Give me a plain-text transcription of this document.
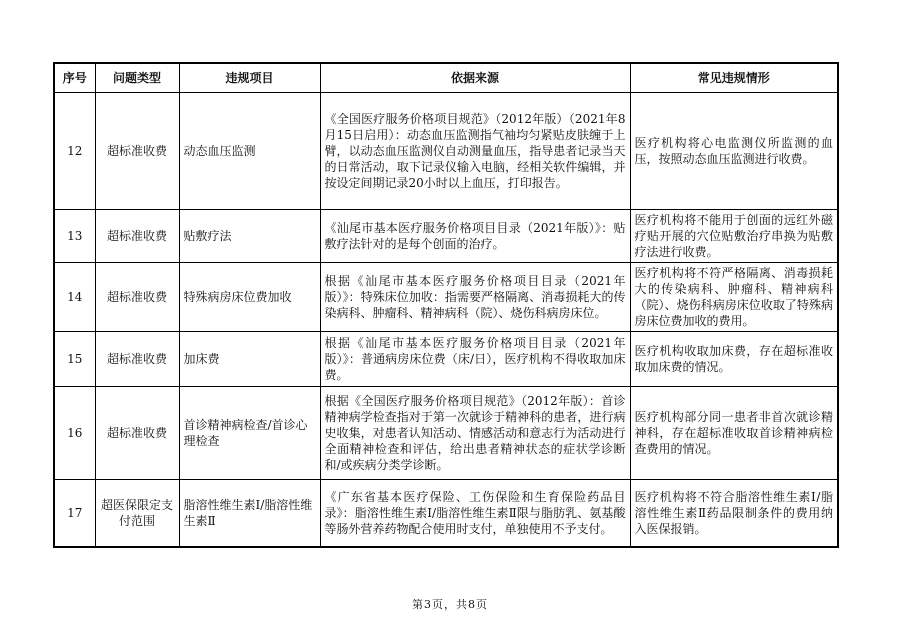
序号	问题类型	违规项目	依据来源	常见违规情形
12	超标准收费	动态血压监测	《全国医疗服务价格项目规范》（2012年版）（2021年8月15日启用）：动态血压监测指气袖均匀紧贴皮肤缠于上臂，以动态血压监测仪自动测量血压，指导患者记录当天的日常活动，取下记录仪输入电脑，经相关软件编辑，并按设定间期记录20小时以上血压，打印报告。	医疗机构将心电监测仪所监测的血压，按照动态血压监测进行收费。
13	超标准收费	贴敷疗法	《汕尾市基本医疗服务价格项目目录（2021年版）》：贴敷疗法针对的是每个创面的治疗。	医疗机构将不能用于创面的远红外磁疗贴开展的穴位贴敷治疗串换为贴敷疗法进行收费。
14	超标准收费	特殊病房床位费加收	根据《汕尾市基本医疗服务价格项目目录（2021年版）》：特殊床位加收：指需要严格隔离、消毒损耗大的传染病科、肿瘤科、精神病科（院）、烧伤科病房床位。	医疗机构将不符严格隔离、消毒损耗大的传染病科、肿瘤科、精神病科（院）、烧伤科病房床位收取了特殊病房床位费加收的费用。
15	超标准收费	加床费	根据《汕尾市基本医疗服务价格项目目录（2021年版）》：普通病房床位费（床/日），医疗机构不得收取加床费。	医疗机构收取加床费，存在超标准收取加床费的情况。
16	超标准收费	首诊精神病检查/首诊心理检查	根据《全国医疗服务价格项目规范》（2012年版）：首诊精神病学检查指对于第一次就诊于精神科的患者，进行病史收集，对患者认知活动、情感活动和意志行为活动进行全面精神检查和评估，给出患者精神状态的症状学诊断和/或疾病分类学诊断。	医疗机构部分同一患者非首次就诊精神科，存在超标准收取首诊精神病检查费用的情况。
17	超医保限定支付范围	脂溶性维生素Ⅰ/脂溶性维生素Ⅱ	《广东省基本医疗保险、工伤保险和生育保险药品目录》：脂溶性维生素Ⅰ/脂溶性维生素Ⅱ限与脂肪乳、氨基酸等肠外营养药物配合使用时支付，单独使用不予支付。	医疗机构将不符合脂溶性维生素Ⅰ/脂溶性维生素Ⅱ药品限制条件的费用纳入医保报销。
第3页，共8页
